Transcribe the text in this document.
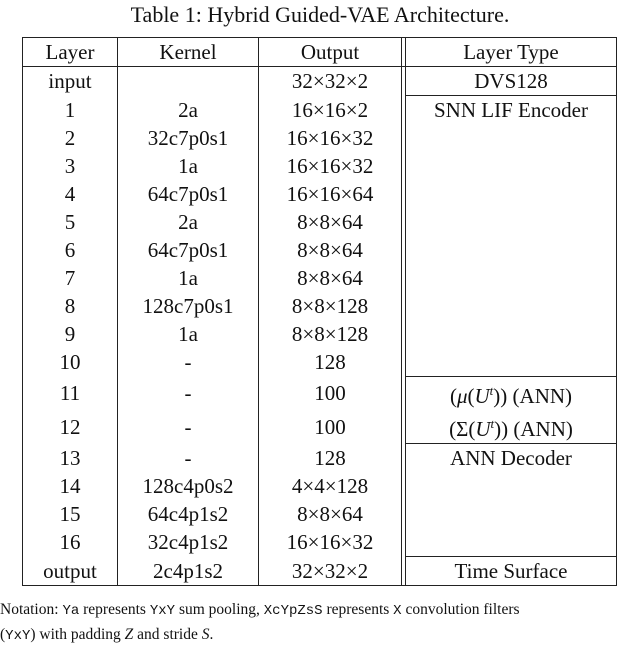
Table 1: Hybrid Guided-VAE Architecture.
Layer	Kernel	Output		Layer Type
input		32×32×2		DVS128
1	2a	16×16×2		SNN LIF Encoder
2	32c7p0s1	16×16×32		
3	1a	16×16×32		
4	64c7p0s1	16×16×64		
5	2a	8×8×64		
6	64c7p0s1	8×8×64		
7	1a	8×8×64		
8	128c7p0s1	8×8×128		
9	1a	8×8×128		
10	-	128		
11	-	100		$(\mu(U^t))$ (ANN)
12	-	100		$(\Sigma(U^t))$ (ANN)
13	-	128		ANN Decoder
14	128c4p0s2	4×4×128		
15	64c4p1s2	8×8×64		
16	32c4p1s2	16×16×32		
output	2c4p1s2	32×32×2		Time Surface
Notation: Ya represents YxY sum pooling, XcYpZsS represents X convolution filters
(YxY) with padding Z and stride S.
